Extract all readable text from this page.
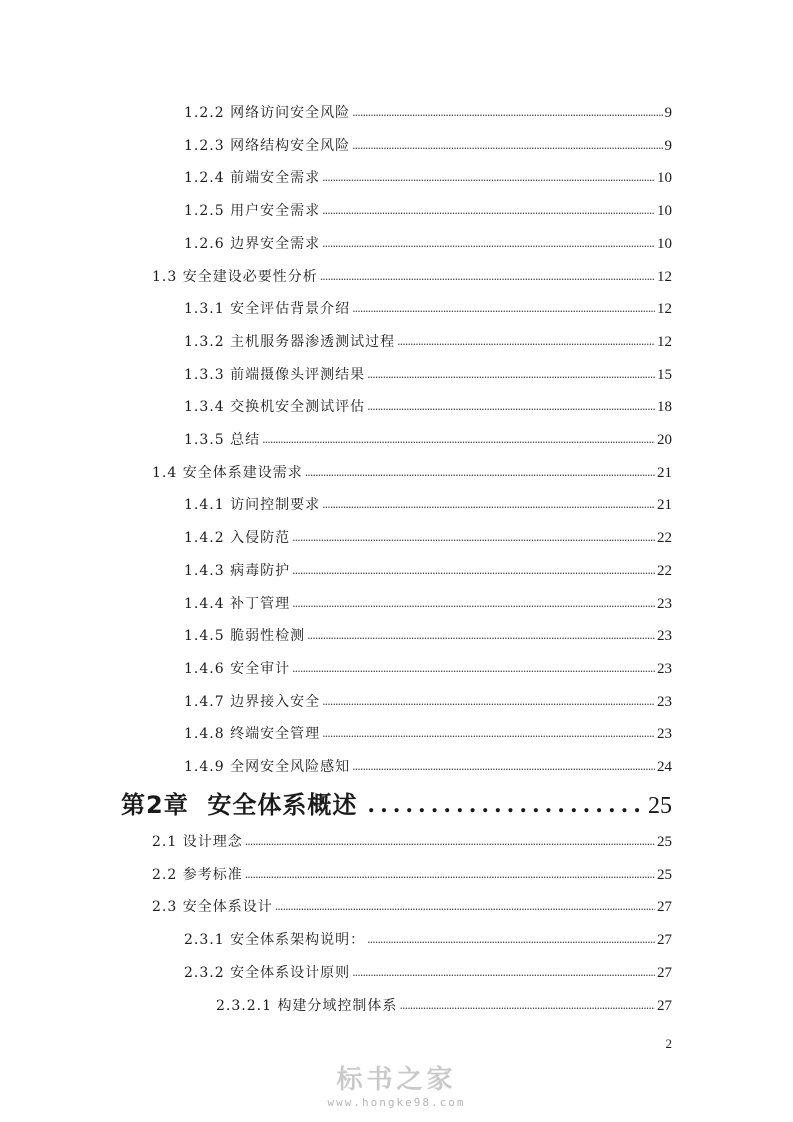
1.2.2 网络访问安全风险 . . .	9
1.2.3 网络结构安全风险 . . .	9
1.2.4 前端安全需求 . . .	10
1.2.5 用户安全需求 . . .	10
1.2.6 边界安全需求 . . .	10
1.3 安全建设必要性分析 . . .	12
1.3.1 安全评估背景介绍 . . .	12
1.3.2 主机服务器渗透测试过程 . . .	12
1.3.3 前端摄像头评测结果 . . .	15
1.3.4 交换机安全测试评估 . . .	18
1.3.5 总结 . . .	20
1.4 安全体系建设需求 . . .	21
1.4.1 访问控制要求 . . .	21
1.4.2 入侵防范 . . .	22
1.4.3 病毒防护 . . .	22
1.4.4 补丁管理 . . .	23
1.4.5 脆弱性检测 . . .	23
1.4.6 安全审计 . . .	23
1.4.7 边界接入安全 . . .	23
1.4.8 终端安全管理 . . .	23
1.4.9 全网安全风险感知 . . .	24
第2章 安全体系概述 .....	25
2.1 设计理念 . . .	25
2.2 参考标准 . . .	25
2.3 安全体系设计 . . .	27
2.3.1 安全体系架构说明： . . .	27
2.3.2 安全体系设计原则 . . .	27
2.3.2.1 构建分域控制体系 . . .	27
2
标书之家
www.hongke98.com
